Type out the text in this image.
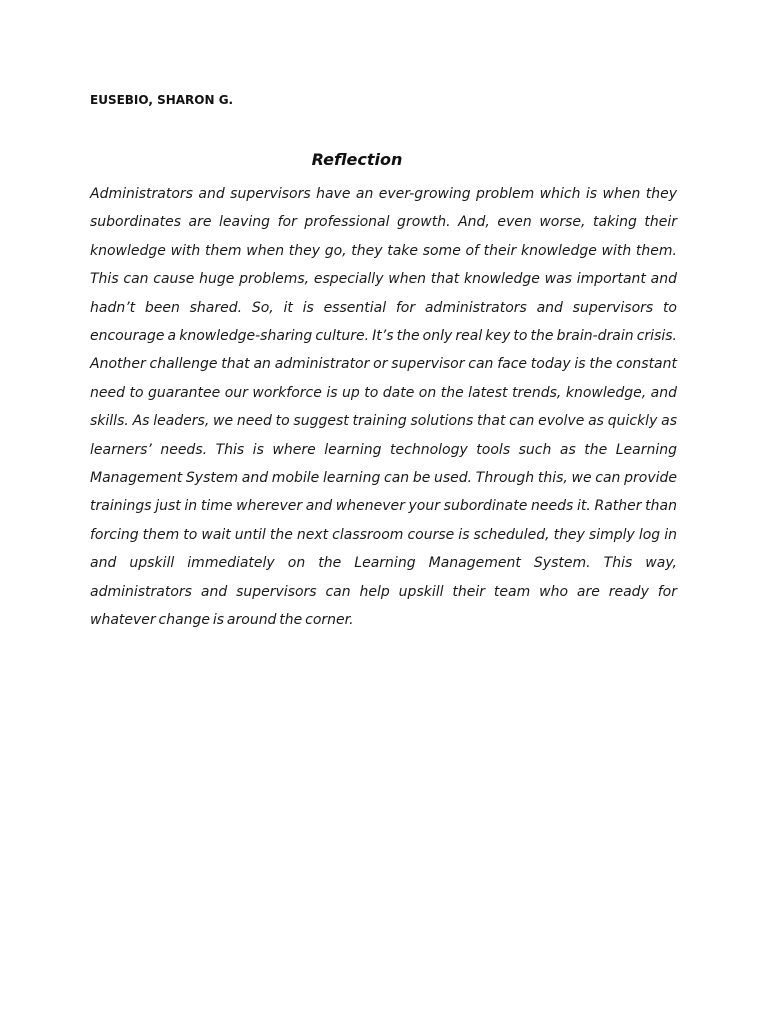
EUSEBIO, SHARON G.
Reflection

Administrators and supervisors have an ever-growing problem which is when they subordinates are leaving for professional growth. And, even worse, taking their knowledge with them when they go, they take some of their knowledge with them. This can cause huge problems, especially when that knowledge was important and hadn’t been shared. So, it is essential for administrators and supervisors to encourage a knowledge-sharing culture. It’s the only real key to the brain-drain crisis.

Another challenge that an administrator or supervisor can face today is the constant need to guarantee our workforce is up to date on the latest trends, knowledge, and skills. As leaders, we need to suggest training solutions that can evolve as quickly as learners’ needs. This is where learning technology tools such as the Learning Management System and mobile learning can be used. Through this, we can provide trainings just in time wherever and whenever your subordinate needs it. Rather than forcing them to wait until the next classroom course is scheduled, they simply log in and upskill immediately on the Learning Management System. This way, administrators and supervisors can help upskill their team who are ready for whatever change is around the corner.
